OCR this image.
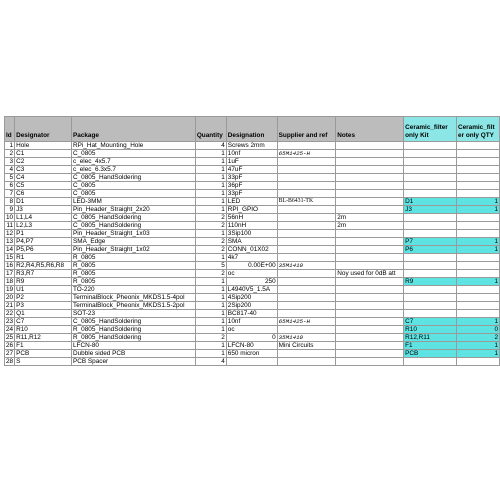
Id	Designator	Package	Quantity	Designation	Supplier and ref	Notes	Ceramic_filter only Kit	Ceramic_filt er only QTY
1	Hole	RPi_Hat_Mounting_Hole	4	Screws 2mm				
2	C1	C_0805	1	10nf	65M1425-H			
3	C2	c_elec_4x5.7	1	1uF				
4	C3	c_elec_6.3x5.7	1	47uF				
5	C4	C_0805_HandSoldering	1	33pF				
6	C5	C_0805	1	36pF				
7	C6	C_0805	1	33pF				
8	D1	LED-3MM	1	LED	BL-B6431-TK		D1	1
9	J3	Pin_Header_Straight_2x20	1	RPI_GPIO			J3	1
10	L1,L4	C_0805_HandSoldering	2	56nH		2m		
11	L2,L3	C_0805_HandSoldering	2	110nH		2m		
12	P1	Pin_Header_Straight_1x03	1	3Sip100				
13	P4,P7	SMA_Edge	2	SMA			P7	1
14	P5,P6	Pin_Header_Straight_1x02	2	CONN_01X02			P6	1
15	R1	R_0805	1	4k7				
16	R2,R4,R5,R6,R8	R_0805	5	0.00E+00	35M1410			
17	R3,R7	R_0805	2	oc		Noy used for 0dB att		
18	R9	R_0805	1	250			R9	1
19	U1	TO-220	1	L4940V5_1.5A				
20	P2	TerminalBlock_Pheonix_MKDS1.5-4pol	1	4Sip200				
21	P3	TerminalBlock_Pheonix_MKDS1.5-2pol	1	2Sip200				
22	Q1	SOT-23	1	BC817-40				
23	C7	C_0805_HandSoldering	1	10nf	65M1425-H		C7	1
24	R10	R_0805_HandSoldering	1	oc			R10	0
25	R11,R12	R_0805_HandSoldering	2	0	35M1410		R12,R11	2
26	F1	LFCN-80	1	LFCN-80	Mini Circuits		F1	1
27	PCB	Dubble sided PCB	1	650 micron			PCB	1
28	S	PCB Spacer	4					
